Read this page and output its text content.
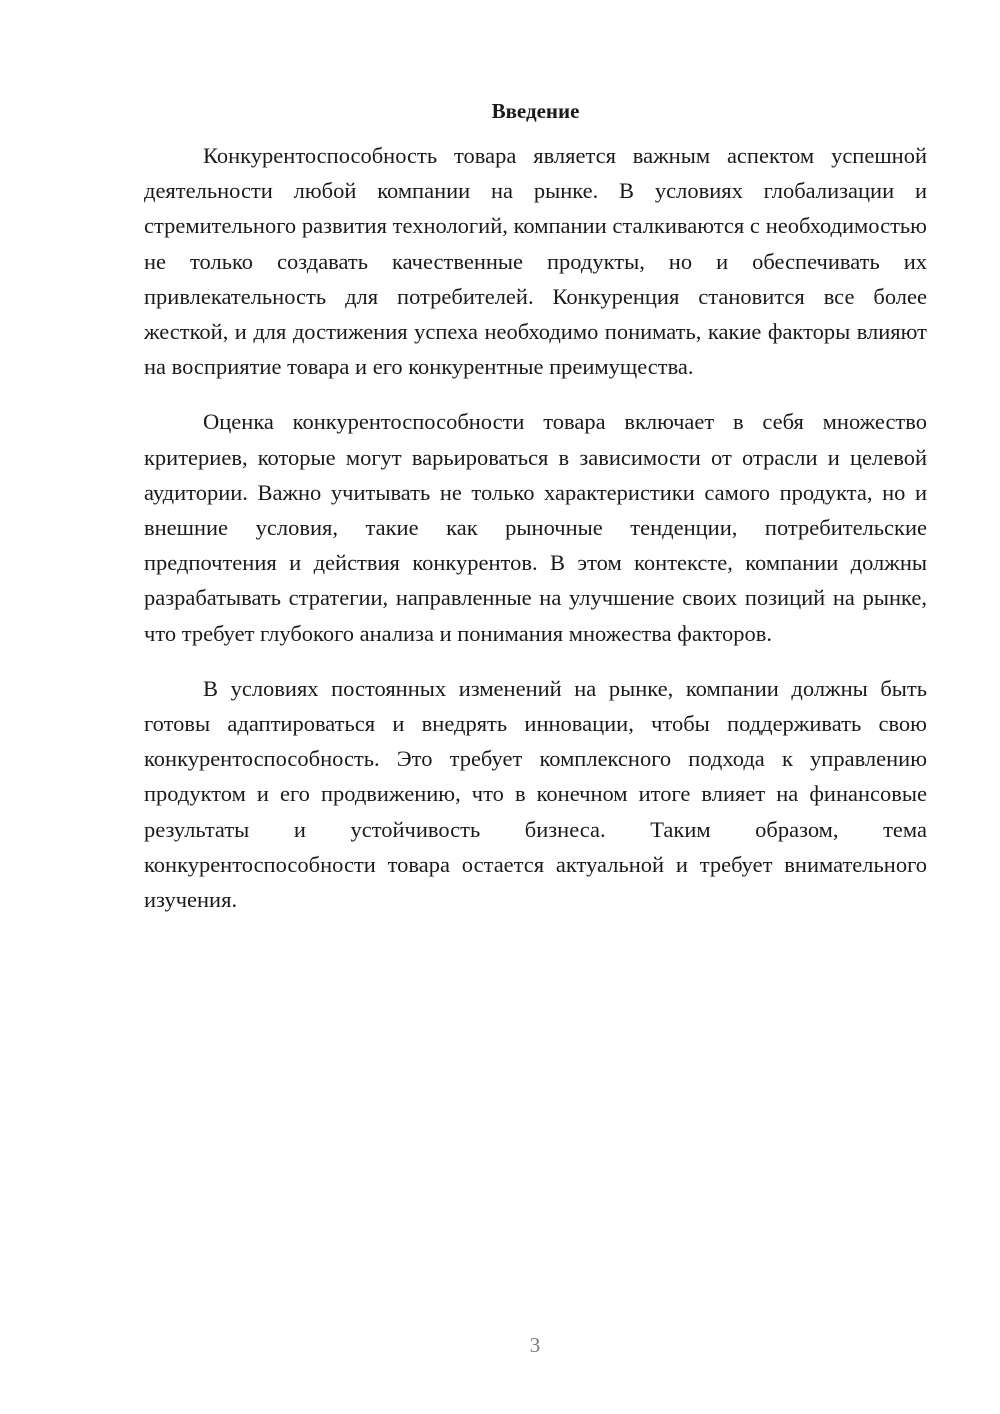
Введение

Конкурентоспособность товара является важным аспектом успешной деятельности любой компании на рынке. В условиях глобализации и стремительного развития технологий, компании сталкиваются с необходимостью не только создавать качественные продукты, но и обеспечивать их привлекательность для потребителей. Конкуренция становится все более жесткой, и для достижения успеха необходимо понимать, какие факторы влияют на восприятие товара и его конкурентные преимущества.

Оценка конкурентоспособности товара включает в себя множество критериев, которые могут варьироваться в зависимости от отрасли и целевой аудитории. Важно учитывать не только характеристики самого продукта, но и внешние условия, такие как рыночные тенденции, потребительские предпочтения и действия конкурентов. В этом контексте, компании должны разрабатывать стратегии, направленные на улучшение своих позиций на рынке, что требует глубокого анализа и понимания множества факторов.

В условиях постоянных изменений на рынке, компании должны быть готовы адаптироваться и внедрять инновации, чтобы поддерживать свою конкурентоспособность. Это требует комплексного подхода к управлению продуктом и его продвижению, что в конечном итоге влияет на финансовые результаты и устойчивость бизнеса. Таким образом, тема конкурентоспособности товара остается актуальной и требует внимательного изучения.

3
